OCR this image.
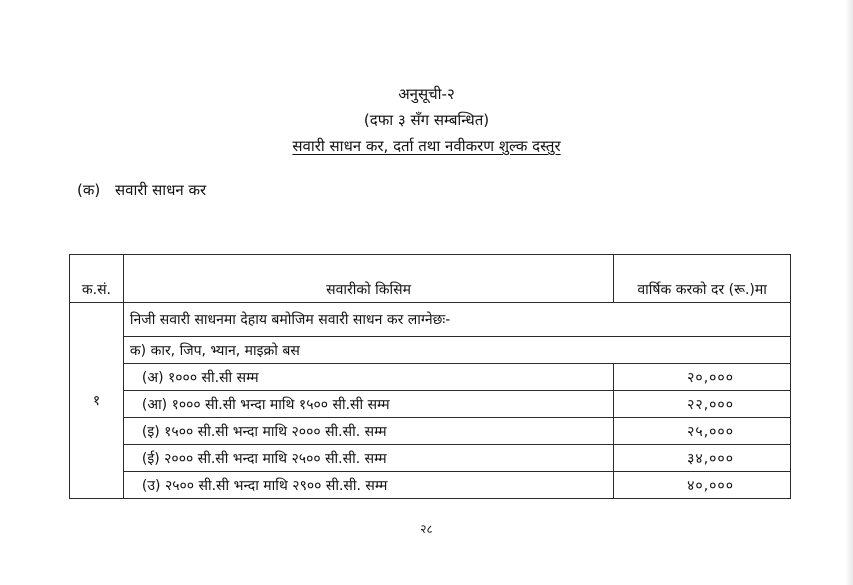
अनुसूची-२
(दफा ३ सँग सम्बन्धित)
सवारी साधन कर, दर्ता तथा नवीकरण शुल्क दस्तुर
(क) सवारी साधन कर
क.सं.	सवारीको किसिम	वार्षिक करको दर (रू.)मा
१	निजी सवारी साधनमा देहाय बमोजिम सवारी साधन कर लाग्नेछः-	
	क) कार, जिप, भ्यान, माइक्रो बस	
	(अ) १००० सी.सी सम्म	२०,०००
	(आ) १००० सी.सी भन्दा माथि १५०० सी.सी सम्म	२२,०००
	(इ) १५०० सी.सी भन्दा माथि २००० सी.सी. सम्म	२५,०००
	(ई) २००० सी.सी भन्दा माथि २५०० सी.सी. सम्म	३४,०००
	(उ) २५०० सी.सी भन्दा माथि २९०० सी.सी. सम्म	४०,०००
२८
